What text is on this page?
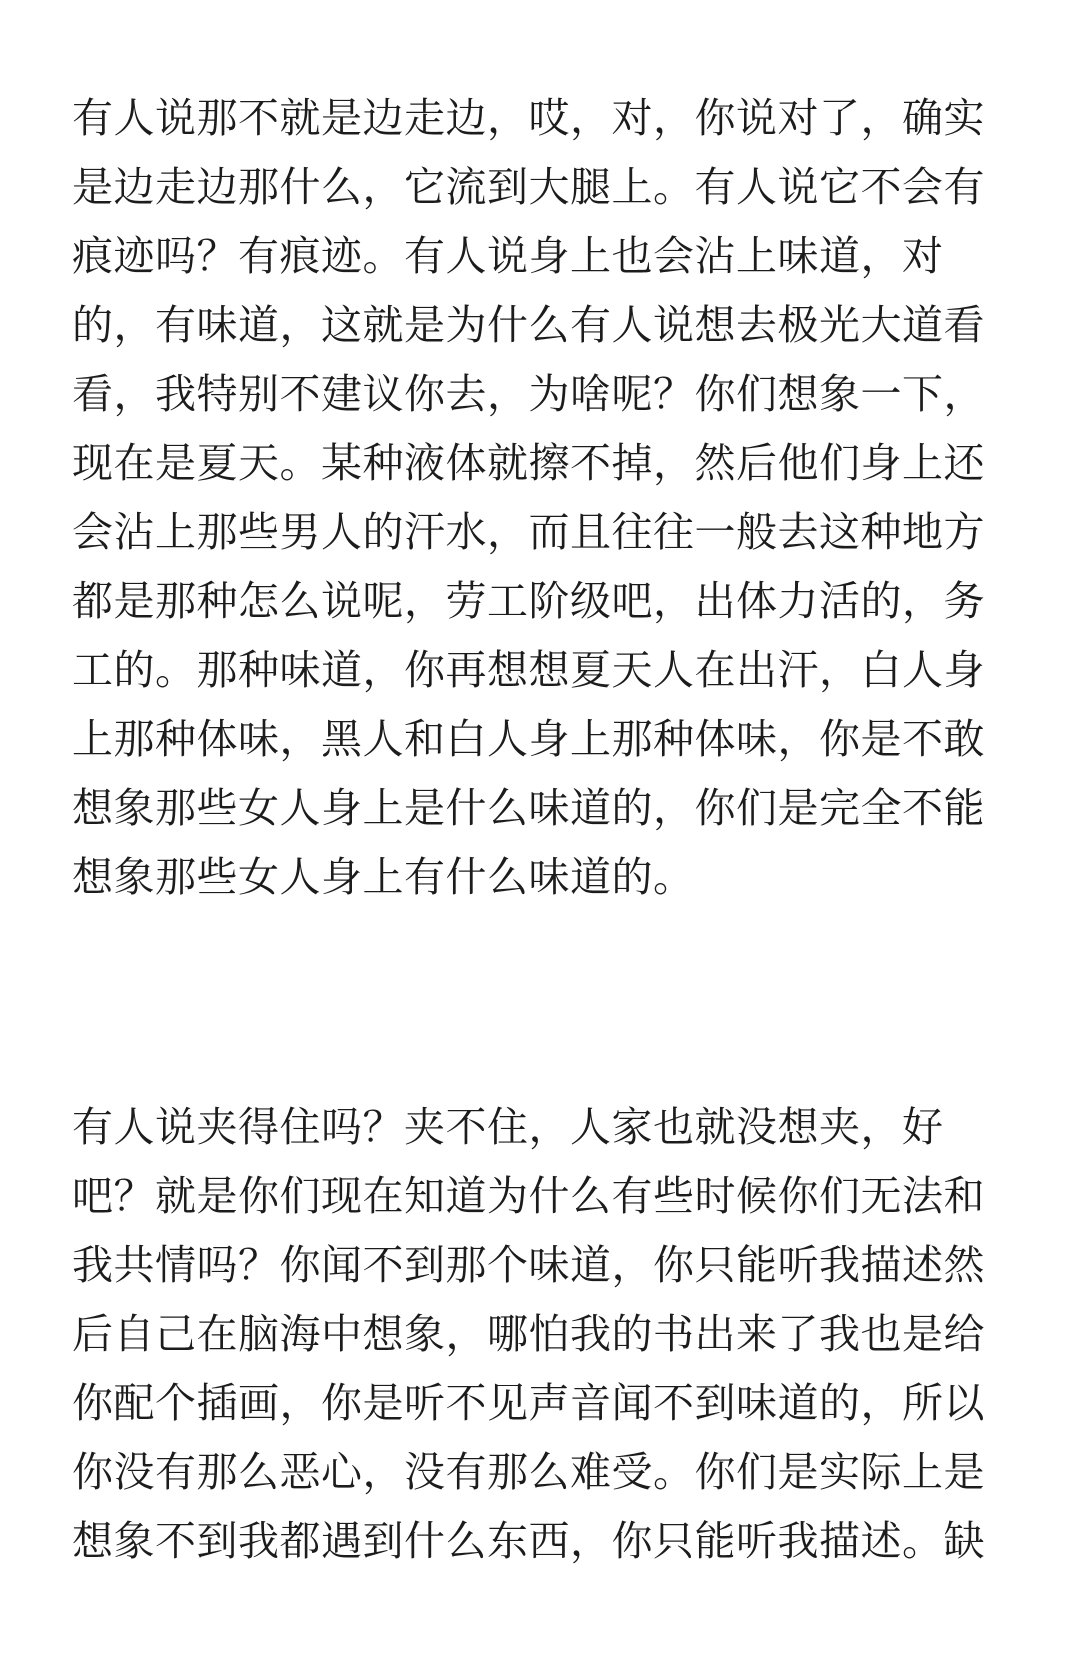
有人说那不就是边走边，哎，对，你说对了，确实
是边走边那什么，它流到大腿上。有人说它不会有
痕迹吗？有痕迹。有人说身上也会沾上味道，对
的，有味道，这就是为什么有人说想去极光大道看
看，我特别不建议你去，为啥呢？你们想象一下，
现在是夏天。某种液体就擦不掉，然后他们身上还
会沾上那些男人的汗水，而且往往一般去这种地方
都是那种怎么说呢，劳工阶级吧，出体力活的，务
工的。那种味道，你再想想夏天人在出汗，白人身
上那种体味，黑人和白人身上那种体味，你是不敢
想象那些女人身上是什么味道的，你们是完全不能
想象那些女人身上有什么味道的。
有人说夹得住吗？夹不住，人家也就没想夹，好
吧？就是你们现在知道为什么有些时候你们无法和
我共情吗？你闻不到那个味道，你只能听我描述然
后自己在脑海中想象，哪怕我的书出来了我也是给
你配个插画，你是听不见声音闻不到味道的，所以
你没有那么恶心，没有那么难受。你们是实际上是
想象不到我都遇到什么东西，你只能听我描述。缺
